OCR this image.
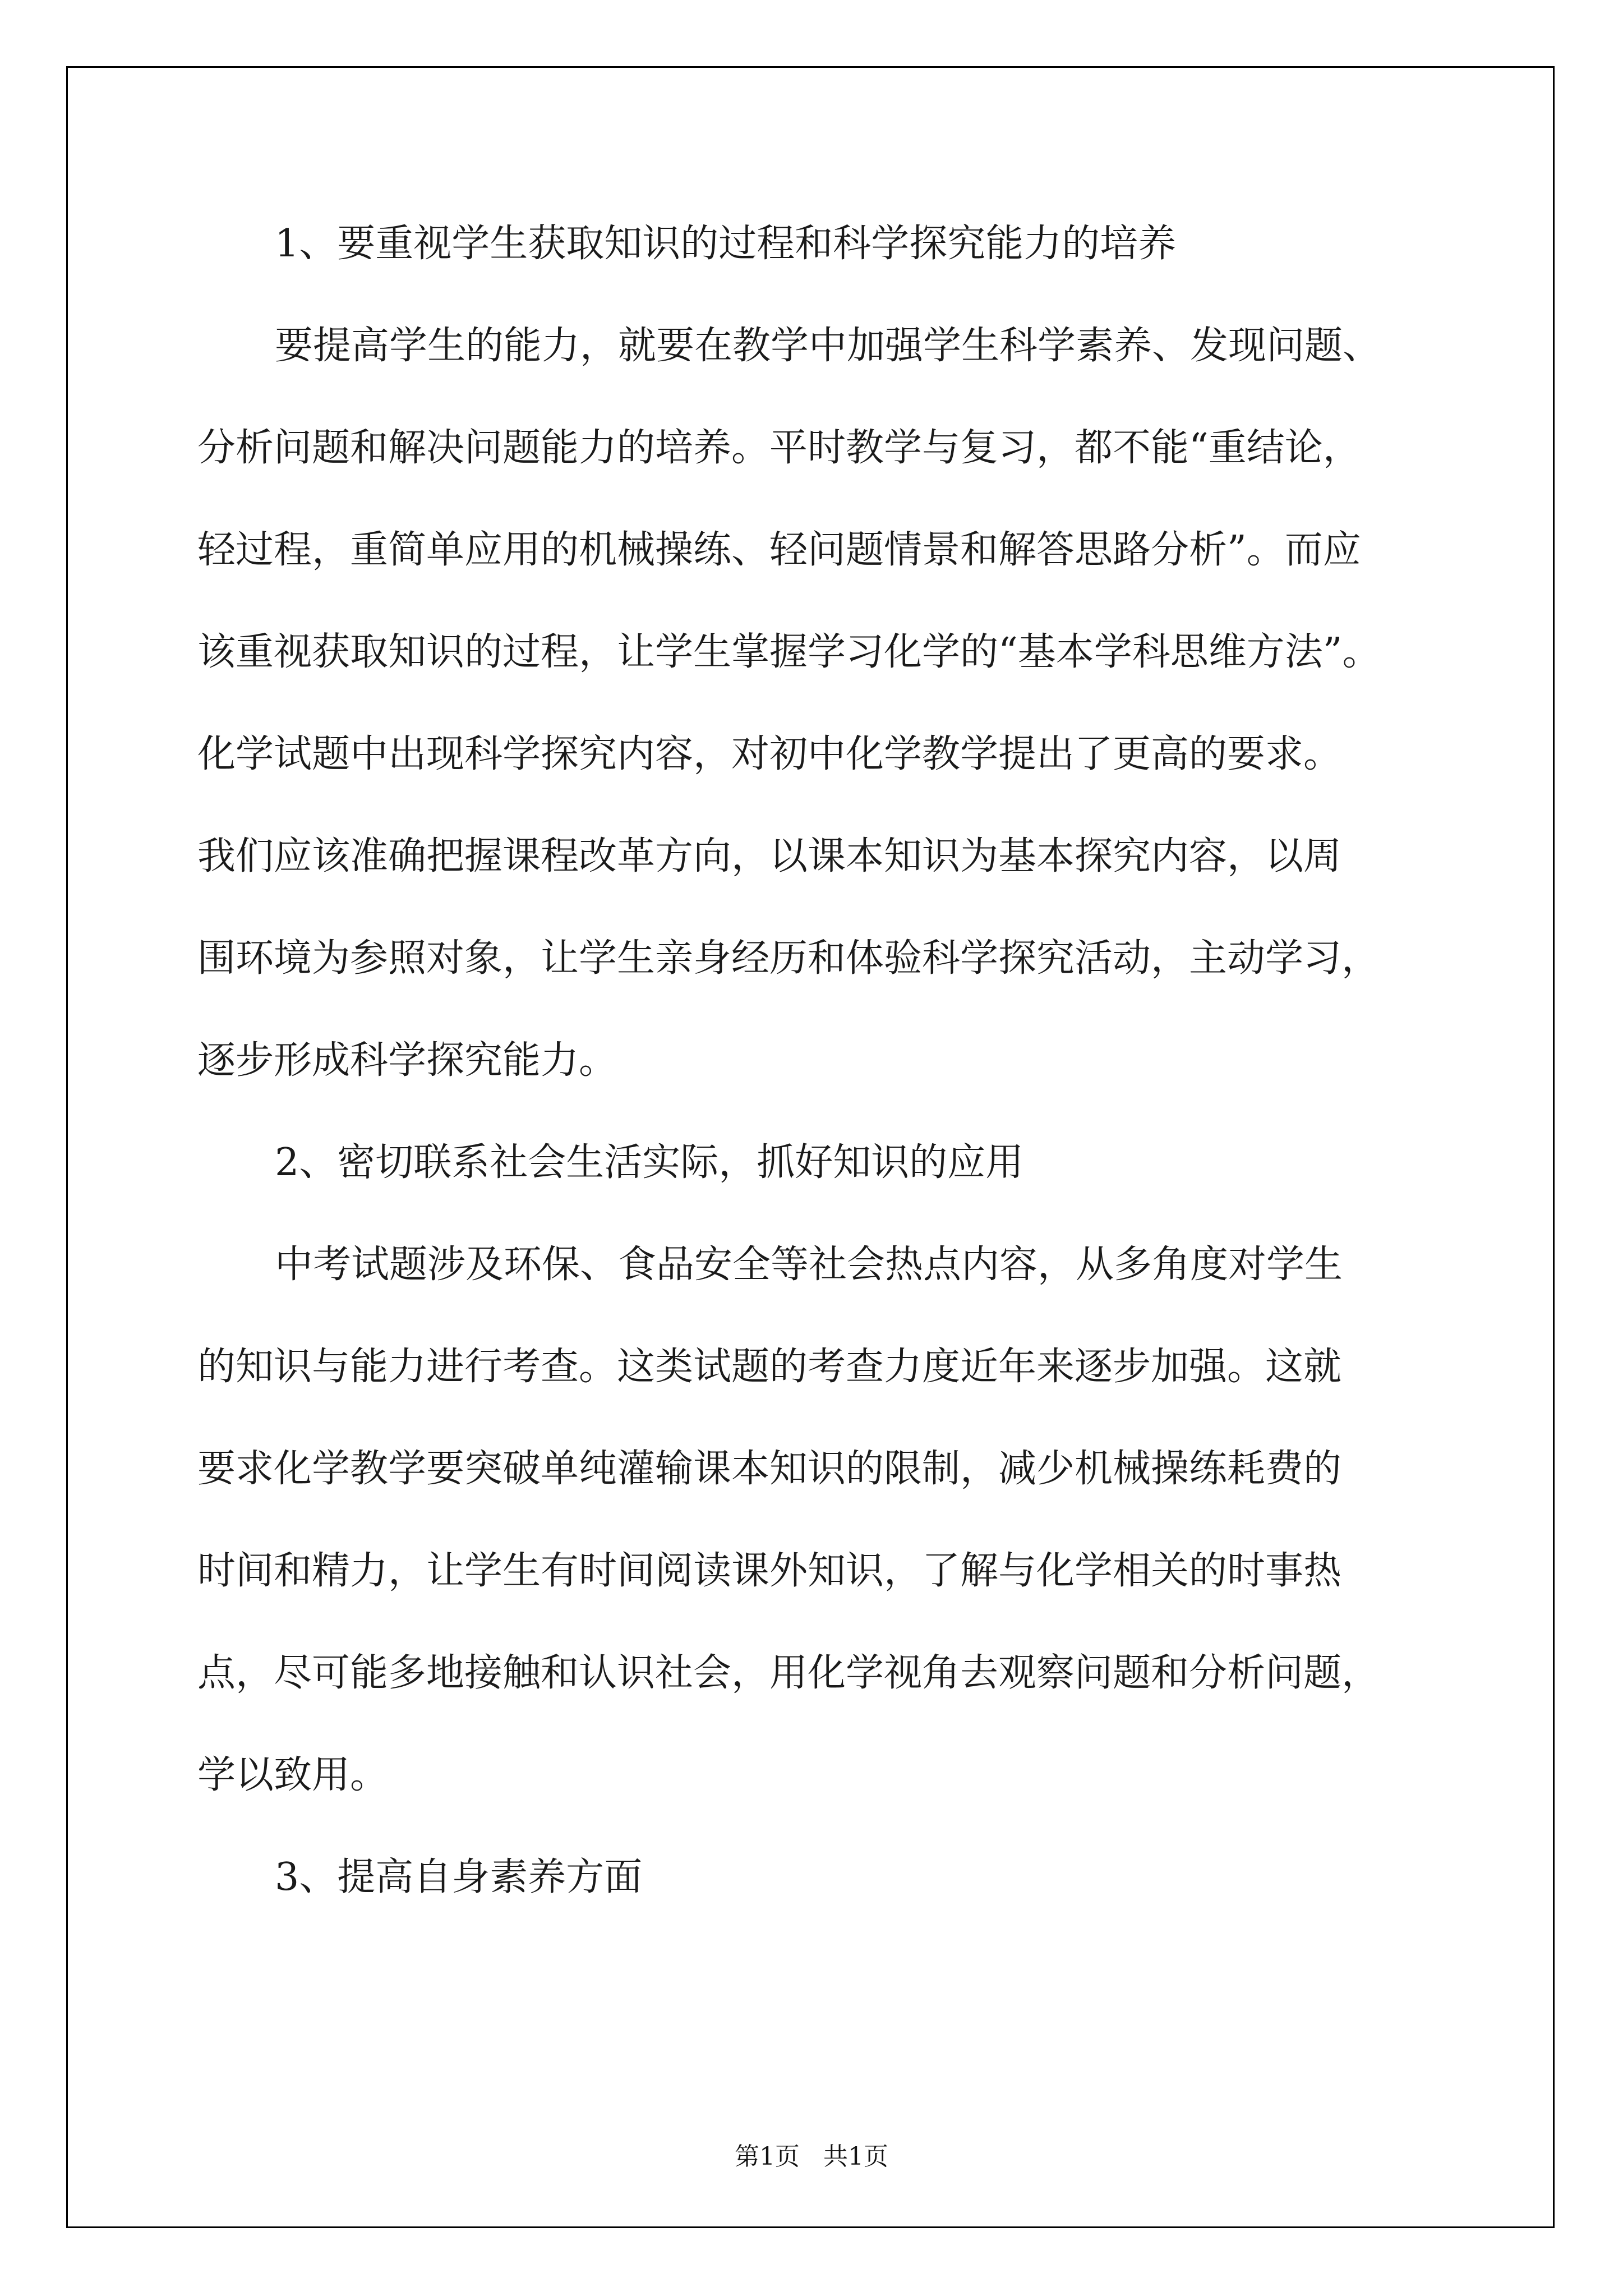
1、要重视学生获取知识的过程和科学探究能力的培养
要提高学生的能力，就要在教学中加强学生科学素养、发现问题、
分析问题和解决问题能力的培养。平时教学与复习，都不能“重结论，
轻过程，重简单应用的机械操练、轻问题情景和解答思路分析”。而应
该重视获取知识的过程，让学生掌握学习化学的“基本学科思维方法”。
化学试题中出现科学探究内容，对初中化学教学提出了更高的要求。
我们应该准确把握课程改革方向，以课本知识为基本探究内容，以周
围环境为参照对象，让学生亲身经历和体验科学探究活动，主动学习，
逐步形成科学探究能力。
2、密切联系社会生活实际，抓好知识的应用
中考试题涉及环保、食品安全等社会热点内容，从多角度对学生
的知识与能力进行考查。这类试题的考查力度近年来逐步加强。这就
要求化学教学要突破单纯灌输课本知识的限制，减少机械操练耗费的
时间和精力，让学生有时间阅读课外知识，了解与化学相关的时事热
点，尽可能多地接触和认识社会，用化学视角去观察问题和分析问题，
学以致用。
3、提高自身素养方面
第1页   共1页
